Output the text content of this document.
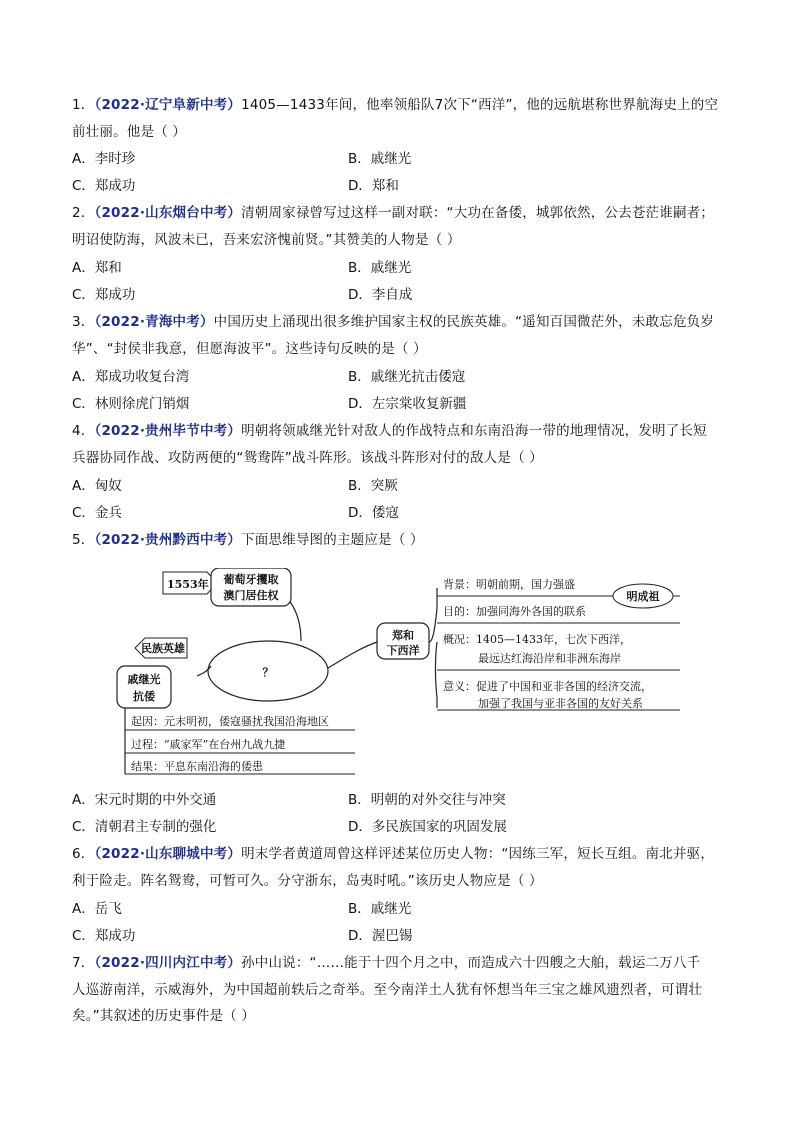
1．（2022·辽宁阜新中考）1405—1433年间，他率领船队7次下“西洋”，他的远航堪称世界航海史上的空
前壮丽。他是（ ）
A．李时珍	B．戚继光
C．郑成功	D．郑和
2．（2022·山东烟台中考）清朝周家禄曾写过这样一副对联：“大功在备倭，城郭依然，公去苍茫谁嗣者；
明诏使防海，风波未已，吾来宏济愧前贤。”其赞美的人物是（ ）
A．郑和	B．戚继光
C．郑成功	D．李自成
3．（2022·青海中考）中国历史上涌现出很多维护国家主权的民族英雄。“遥知百国微茫外，未敢忘危负岁
华”、“封侯非我意，但愿海波平”。这些诗句反映的是（ ）
A．郑成功收复台湾	B．戚继光抗击倭寇
C．林则徐虎门销烟	D．左宗棠收复新疆
4．（2022·贵州毕节中考）明朝将领戚继光针对敌人的作战特点和东南沿海一带的地理情况，发明了长短
兵器协同作战、攻防两便的“鸳鸯阵”战斗阵形。该战斗阵形对付的敌人是（ ）
A．匈奴	B．突厥
C．金兵	D．倭寇
5．（2022·贵州黔西中考）下面思维导图的主题应是（ ）
？
1553年 葡萄牙攫取
澳门居住权
民族英雄
戚继光
抗倭
起因：元末明初，倭寇骚扰我国沿海地区
过程：“戚家军”在台州九战九捷
结果：平息东南沿海的倭患
郑和
下西洋
明成祖
背景：明朝前期，国力强盛
目的：加强同海外各国的联系
概况：1405—1433年，七次下西洋，
最远达红海沿岸和非洲东海岸
意义：促进了中国和亚非各国的经济交流，
加强了我国与亚非各国的友好关系
A．宋元时期的中外交通	B．明朝的对外交往与冲突
C．清朝君主专制的强化	D．多民族国家的巩固发展
6．（2022·山东聊城中考）明末学者黄道周曾这样评述某位历史人物：“因练三军，短长互组。南北并驱，
利于险走。阵名鸳鸯，可暂可久。分守浙东，岛夷时吼。”该历史人物应是（ ）
A．岳飞	B．戚继光
C．郑成功	D．渥巴锡
7．（2022·四川内江中考）孙中山说：“……能于十四个月之中，而造成六十四艘之大舶，载运二万八千
人巡游南洋，示威海外，为中国超前轶后之奇举。至今南洋土人犹有怀想当年三宝之雄风遗烈者，可谓壮
矣。”其叙述的历史事件是（ ）
